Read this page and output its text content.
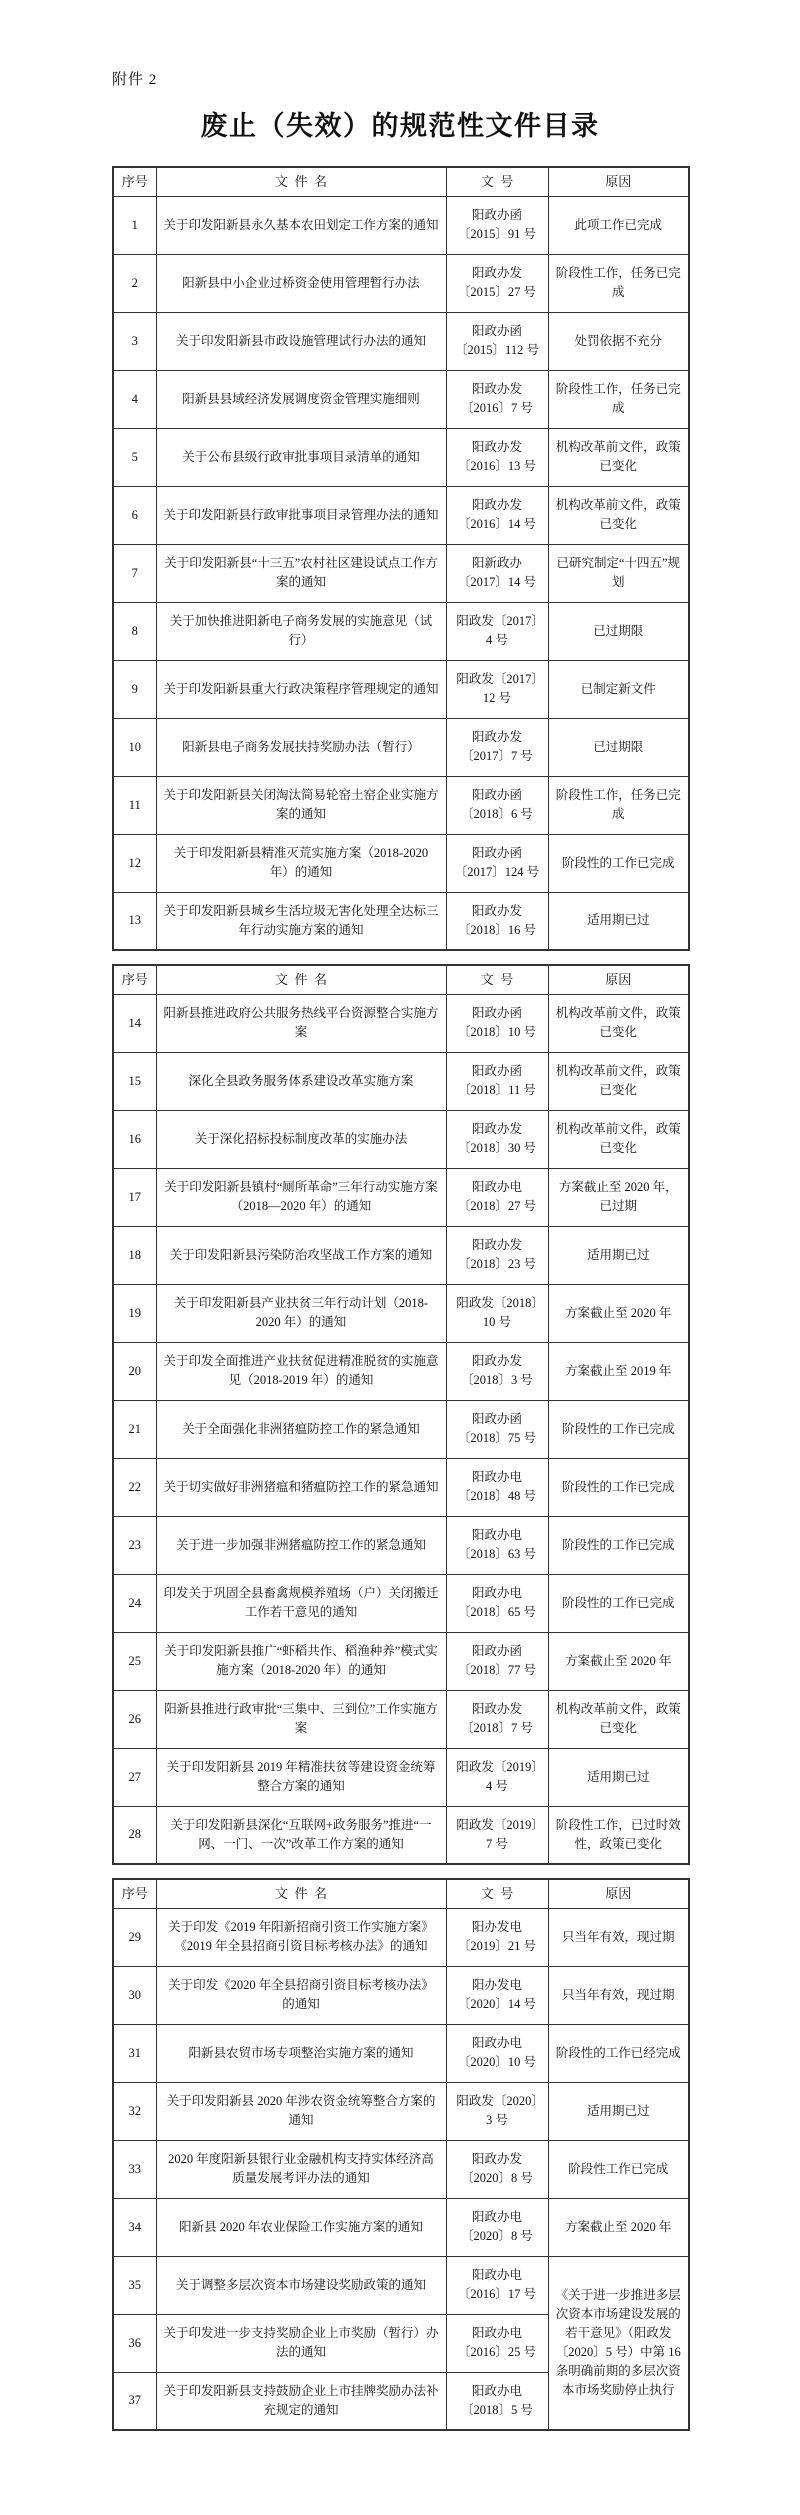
附件 2
废止（失效）的规范性文件目录
序号	文  件  名	文  号	原因
1	关于印发阳新县永久基本农田划定工作方案的通知	阳政办函〔2015〕91 号	此项工作已完成
2	阳新县中小企业过桥资金使用管理暂行办法	阳政办发〔2015〕27 号	阶段性工作，任务已完成
3	关于印发阳新县市政设施管理试行办法的通知	阳政办函〔2015〕112 号	处罚依据不充分
4	阳新县县域经济发展调度资金管理实施细则	阳政办发〔2016〕7 号	阶段性工作，任务已完成
5	关于公布县级行政审批事项目录清单的通知	阳政办发〔2016〕13 号	机构改革前文件，政策已变化
6	关于印发阳新县行政审批事项目录管理办法的通知	阳政办发〔2016〕14 号	机构改革前文件，政策已变化
7	关于印发阳新县“十三五”农村社区建设试点工作方案的通知	阳新政办〔2017〕14 号	已研究制定“十四五”规划
8	关于加快推进阳新电子商务发展的实施意见（试行）	阳政发〔2017〕4 号	已过期限
9	关于印发阳新县重大行政决策程序管理规定的通知	阳政发〔2017〕12 号	已制定新文件
10	阳新县电子商务发展扶持奖励办法（暂行）	阳政办发〔2017〕7 号	已过期限
11	关于印发阳新县关闭淘汰简易轮窑土窑企业实施方案的通知	阳政办函〔2018〕6 号	阶段性工作，任务已完成
12	关于印发阳新县精准灭荒实施方案（2018-2020 年）的通知	阳政办函〔2017〕124 号	阶段性的工作已完成
13	关于印发阳新县城乡生活垃圾无害化处理全达标三年行动实施方案的通知	阳政办发〔2018〕16 号	适用期已过
序号	文  件  名	文  号	原因
14	阳新县推进政府公共服务热线平台资源整合实施方案	阳政办函〔2018〕10 号	机构改革前文件，政策已变化
15	深化全县政务服务体系建设改革实施方案	阳政办函〔2018〕11 号	机构改革前文件，政策已变化
16	关于深化招标投标制度改革的实施办法	阳政办发〔2018〕30 号	机构改革前文件，政策已变化
17	关于印发阳新县镇村“厕所革命”三年行动实施方案（2018—2020 年）的通知	阳政办电〔2018〕27 号	方案截止至 2020 年，已过期
18	关于印发阳新县污染防治攻坚战工作方案的通知	阳政办发〔2018〕23 号	适用期已过
19	关于印发阳新县产业扶贫三年行动计划（2018-2020 年）的通知	阳政发〔2018〕10 号	方案截止至 2020 年
20	关于印发全面推进产业扶贫促进精准脱贫的实施意见（2018-2019 年）的通知	阳政办发〔2018〕3 号	方案截止至 2019 年
21	关于全面强化非洲猪瘟防控工作的紧急通知	阳政办函〔2018〕75 号	阶段性的工作已完成
22	关于切实做好非洲猪瘟和猪瘟防控工作的紧急通知	阳政办电〔2018〕48 号	阶段性的工作已完成
23	关于进一步加强非洲猪瘟防控工作的紧急通知	阳政办电〔2018〕63 号	阶段性的工作已完成
24	印发关于巩固全县畜禽规模养殖场（户）关闭搬迁工作若干意见的通知	阳政办电〔2018〕65 号	阶段性的工作已完成
25	关于印发阳新县推广“虾稻共作、稻渔种养”模式实施方案（2018-2020 年）的通知	阳政办函〔2018〕77 号	方案截止至 2020 年
26	阳新县推进行政审批“三集中、三到位”工作实施方案	阳政办发〔2018〕7 号	机构改革前文件，政策已变化
27	关于印发阳新县 2019 年精准扶贫等建设资金统筹整合方案的通知	阳政发〔2019〕4 号	适用期已过
28	关于印发阳新县深化“互联网+政务服务”推进“一网、一门、一次”改革工作方案的通知	阳政发〔2019〕7 号	阶段性工作，已过时效性，政策已变化
序号	文  件  名	文  号	原因
29	关于印发《2019 年阳新招商引资工作实施方案》《2019 年全县招商引资目标考核办法》的通知	阳办发电〔2019〕21 号	只当年有效，现过期
30	关于印发《2020 年全县招商引资目标考核办法》的通知	阳办发电〔2020〕14 号	只当年有效，现过期
31	阳新县农贸市场专项整治实施方案的通知	阳政办电〔2020〕10 号	阶段性的工作已经完成
32	关于印发阳新县 2020 年涉农资金统筹整合方案的通知	阳政发〔2020〕3 号	适用期已过
33	2020 年度阳新县银行业金融机构支持实体经济高质量发展考评办法的通知	阳政办发〔2020〕8 号	阶段性工作已完成
34	阳新县 2020 年农业保险工作实施方案的通知	阳政办电〔2020〕8 号	方案截止至 2020 年
35	关于调整多层次资本市场建设奖励政策的通知	阳政办电〔2016〕17 号	《关于进一步推进多层次资本市场建设发展的若干意见》（阳政发〔2020〕5 号）中第 16 条明确前期的多层次资本市场奖励停止执行
36	关于印发进一步支持奖励企业上市奖励（暂行）办法的通知	阳政办电〔2016〕25 号	
37	关于印发阳新县支持鼓励企业上市挂牌奖励办法补充规定的通知	阳政办电〔2018〕5 号	
